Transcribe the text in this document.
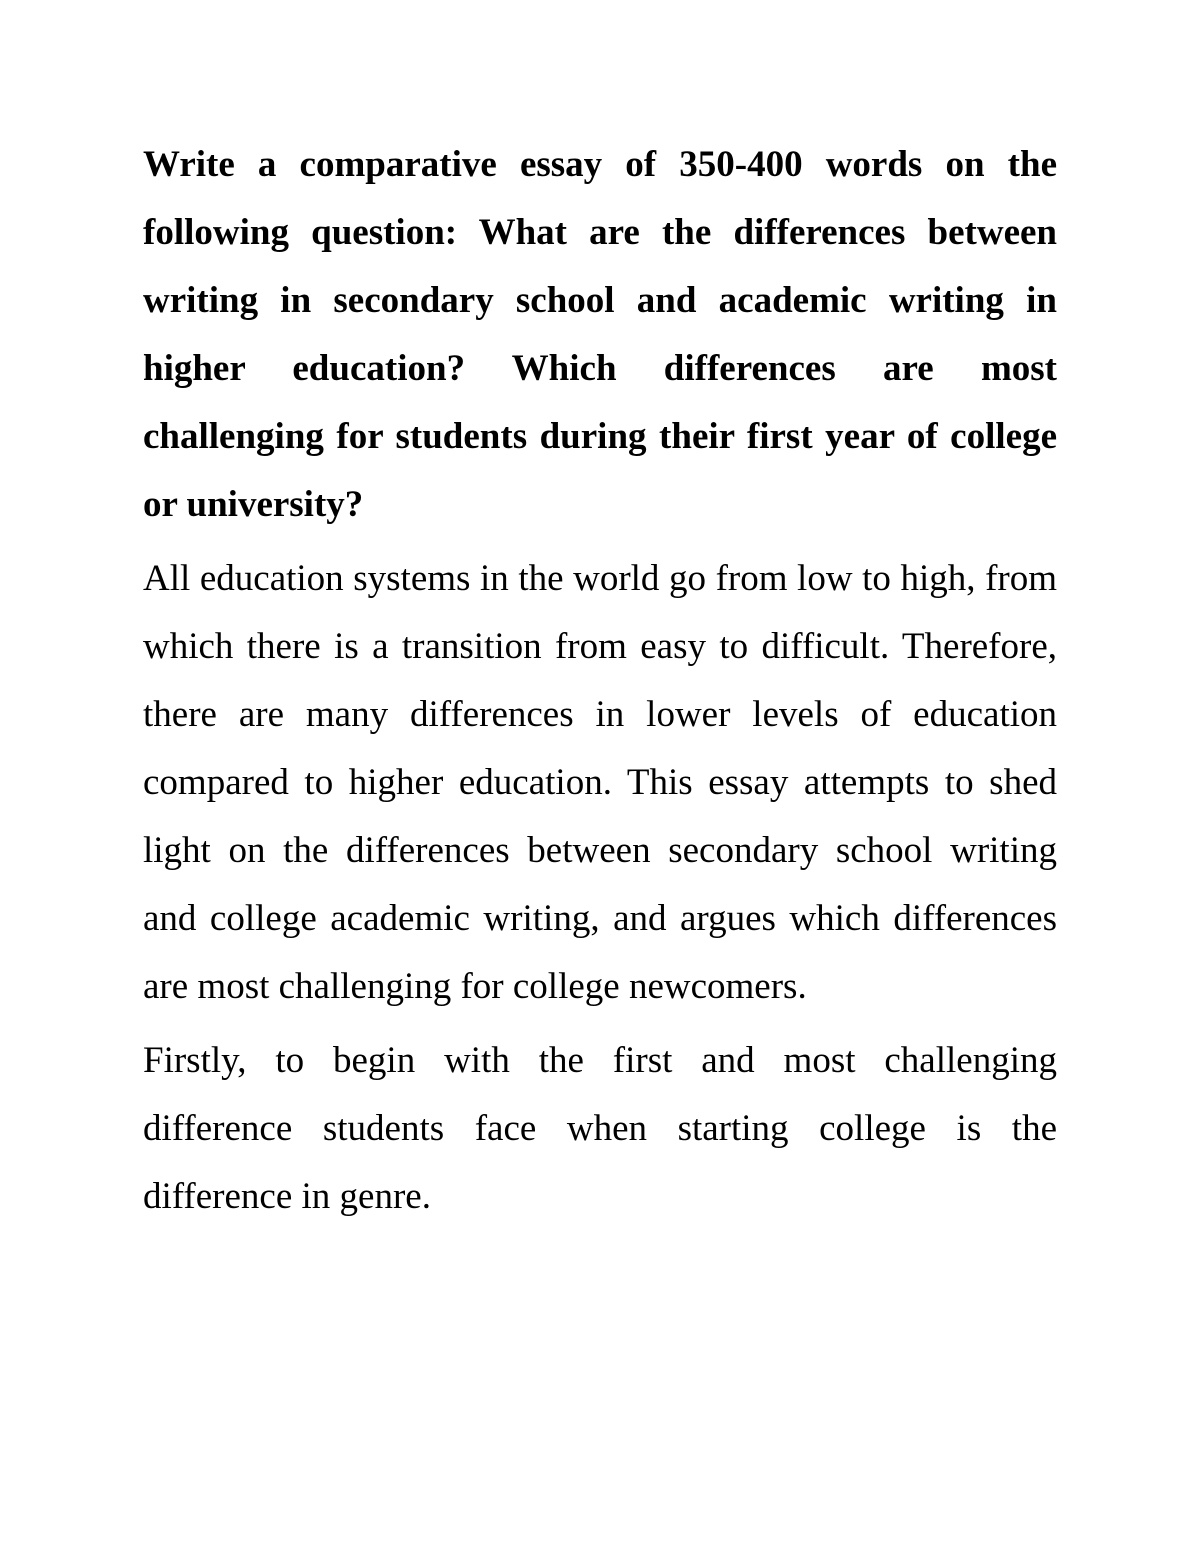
Write a comparative essay of 350-400 words on the following question: What are the differences between writing in secondary school and academic writing in higher education? Which differences are most challenging for students during their first year of college or university?

All education systems in the world go from low to high, from which there is a transition from easy to difficult. Therefore, there are many differences in lower levels of education compared to higher education. This essay attempts to shed light on the differences between secondary school writing and college academic writing, and argues which differences are most challenging for college newcomers.

Firstly, to begin with the first and most challenging difference students face when starting college is the difference in genre.
